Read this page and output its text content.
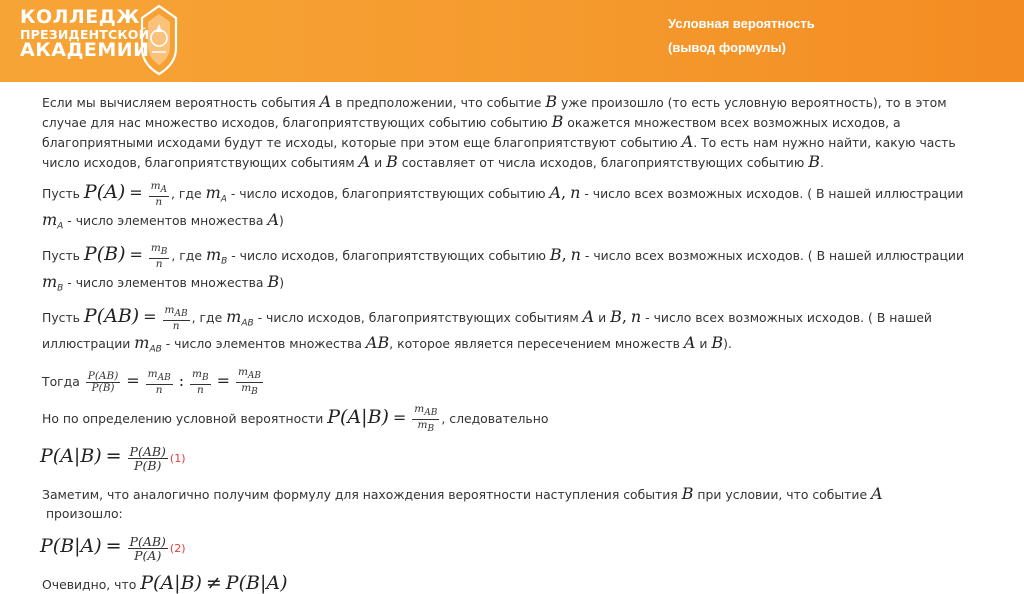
КОЛЛЕДЖ
ПРЕЗИДЕНТСКОЙ
АКАДЕМИИ
Условная вероятность
(вывод формулы)

Если мы вычисляем вероятность события A в предположении, что событие B уже произошло (то есть условную вероятность), то в этом случае для нас множество исходов, благоприятствующих событию событию B окажется множеством всех возможных исходов, а благоприятными исходами будут те исходы, которые при этом еще благоприятствуют событию A. То есть нам нужно найти, какую часть число исходов, благоприятствующих событиям A и B составляет от числа исходов, благоприятствующих событию B.

Пусть $P(A) = \frac{m_A}{n}$ , где $m_A$ - число исходов, благоприятствующих событию A, n - число всех возможных исходов. ( В нашей иллюстрации $m_A$ - число элементов множества A)

Пусть $P(B) = \frac{m_B}{n}$ , где $m_B$ - число исходов, благоприятствующих событию B, n - число всех возможных исходов. ( В нашей иллюстрации $m_B$ - число элементов множества B)

Пусть $P(AB) = \frac{m_{AB}}{n}$ , где $m_{AB}$ - число исходов, благоприятствующих событиям A и B, n - число всех возможных исходов. ( В нашей иллюстрации $m_{AB}$ - число элементов множества AB, которое является пересечением множеств A и B).

Тогда $\frac{P(AB)}{P(B)} = \frac{m_{AB}}{n}$ : $\frac{m_B}{n} = \frac{m_{AB}}{m_B}$

Но по определению условной вероятности $P(A|B) = \frac{m_{AB}}{m_B}$ , следовательно

$P(A|B) = \frac{P(AB)}{P(B)} (1)$

Заметим, что аналогично получим формулу для нахождения вероятности наступления события B при условии, что событие A
произошло:

$P(B|A) = \frac{P(AB)}{P(A)} (2)$

Очевидно, что P(A|B) ≠ P(B|A)
